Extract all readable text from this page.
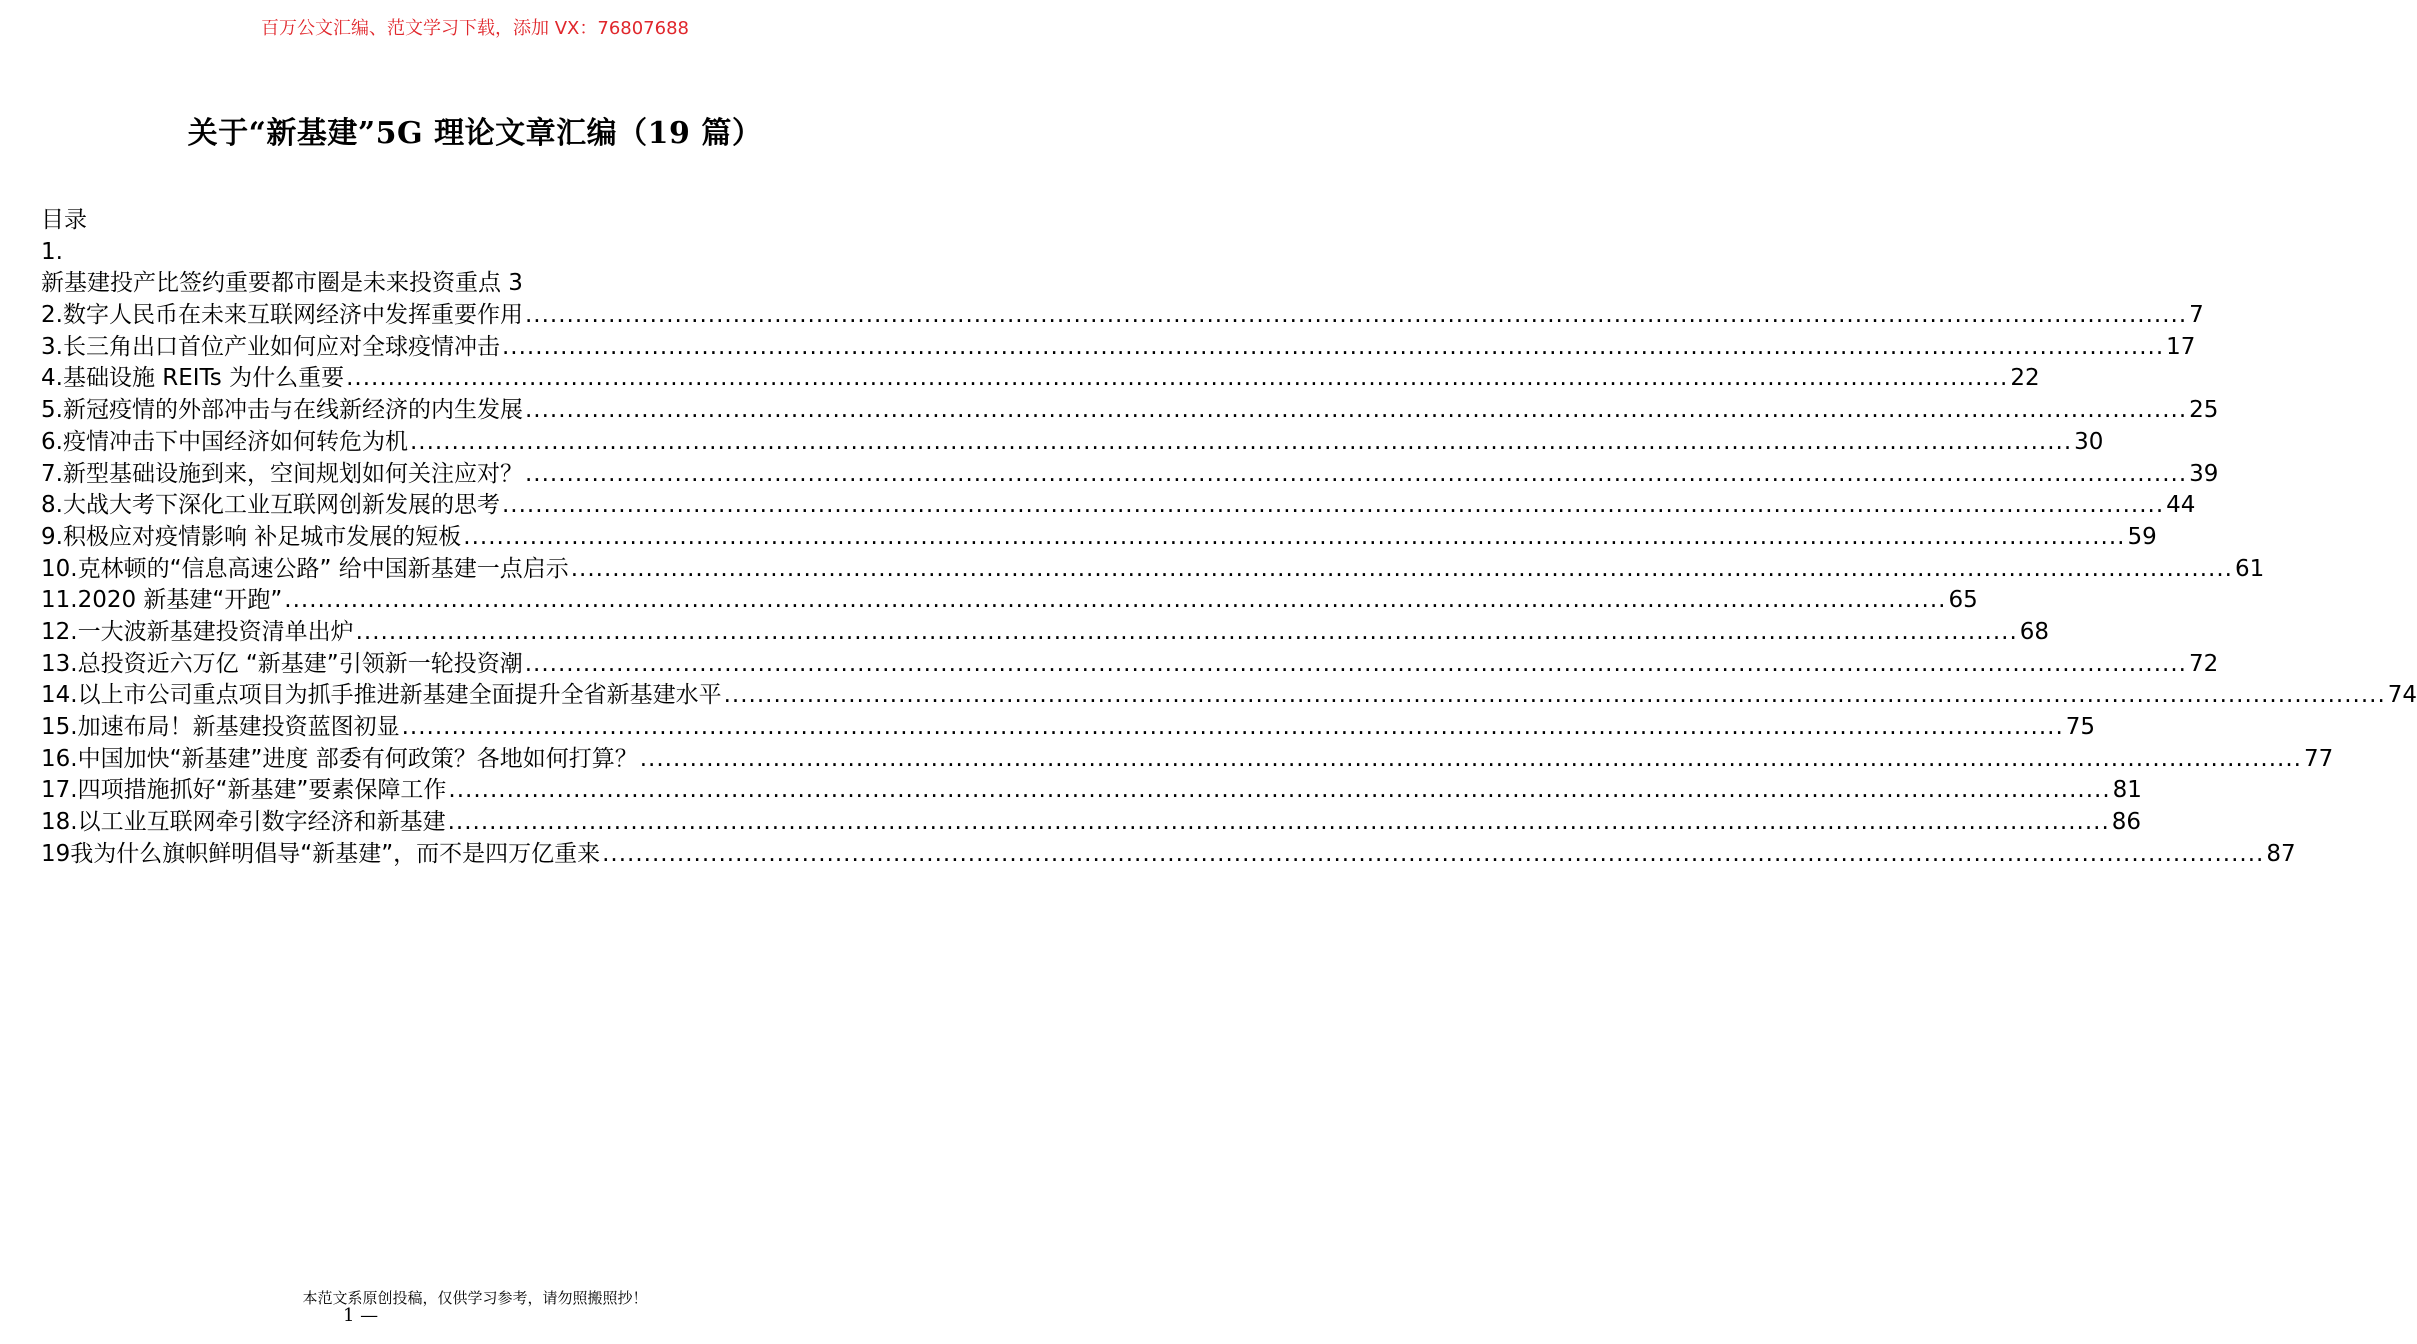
百万公文汇编、范文学习下载，添加 VX：76807688
关于“新基建”5G 理论文章汇编（19 篇）
目录
1.
新基建投产比签约重要都市圈是未来投资重点 3
2. 数字人民币在未来互联网经济中发挥重要作用 ........................................................................................................................................................................................................ 7
3. 长三角出口首位产业如何应对全球疫情冲击 ........................................................................................................................................................................................................ 17
4. 基础设施 REITs 为什么重要 ........................................................................................................................................................................................................ 22
5. 新冠疫情的外部冲击与在线新经济的内生发展 ........................................................................................................................................................................................................ 25
6. 疫情冲击下中国经济如何转危为机 ........................................................................................................................................................................................................ 30
7. 新型基础设施到来，空间规划如何关注应对？ ........................................................................................................................................................................................................ 39
8. 大战大考下深化工业互联网创新发展的思考 ........................................................................................................................................................................................................ 44
9. 积极应对疫情影响 补足城市发展的短板 ........................................................................................................................................................................................................ 59
10. 克林顿的“信息高速公路” 给中国新基建一点启示 ........................................................................................................................................................................................................ 61
11. 2020 新基建“开跑” ........................................................................................................................................................................................................ 65
12. 一大波新基建投资清单出炉 ........................................................................................................................................................................................................ 68
13. 总投资近六万亿 “新基建”引领新一轮投资潮 ........................................................................................................................................................................................................ 72
14. 以上市公司重点项目为抓手推进新基建全面提升全省新基建水平 ........................................................................................................................................................................................................ 74
15. 加速布局！新基建投资蓝图初显 ........................................................................................................................................................................................................ 75
16. 中国加快“新基建”进度 部委有何政策？各地如何打算？ ........................................................................................................................................................................................................ 77
17. 四项措施抓好“新基建”要素保障工作 ........................................................................................................................................................................................................ 81
18. 以工业互联网牵引数字经济和新基建 ........................................................................................................................................................................................................ 86
19 我为什么旗帜鲜明倡导“新基建”，而不是四万亿重来 ........................................................................................................................................................................................................ 87
本范文系原创投稿，仅供学习参考，请勿照搬照抄！
1 —
